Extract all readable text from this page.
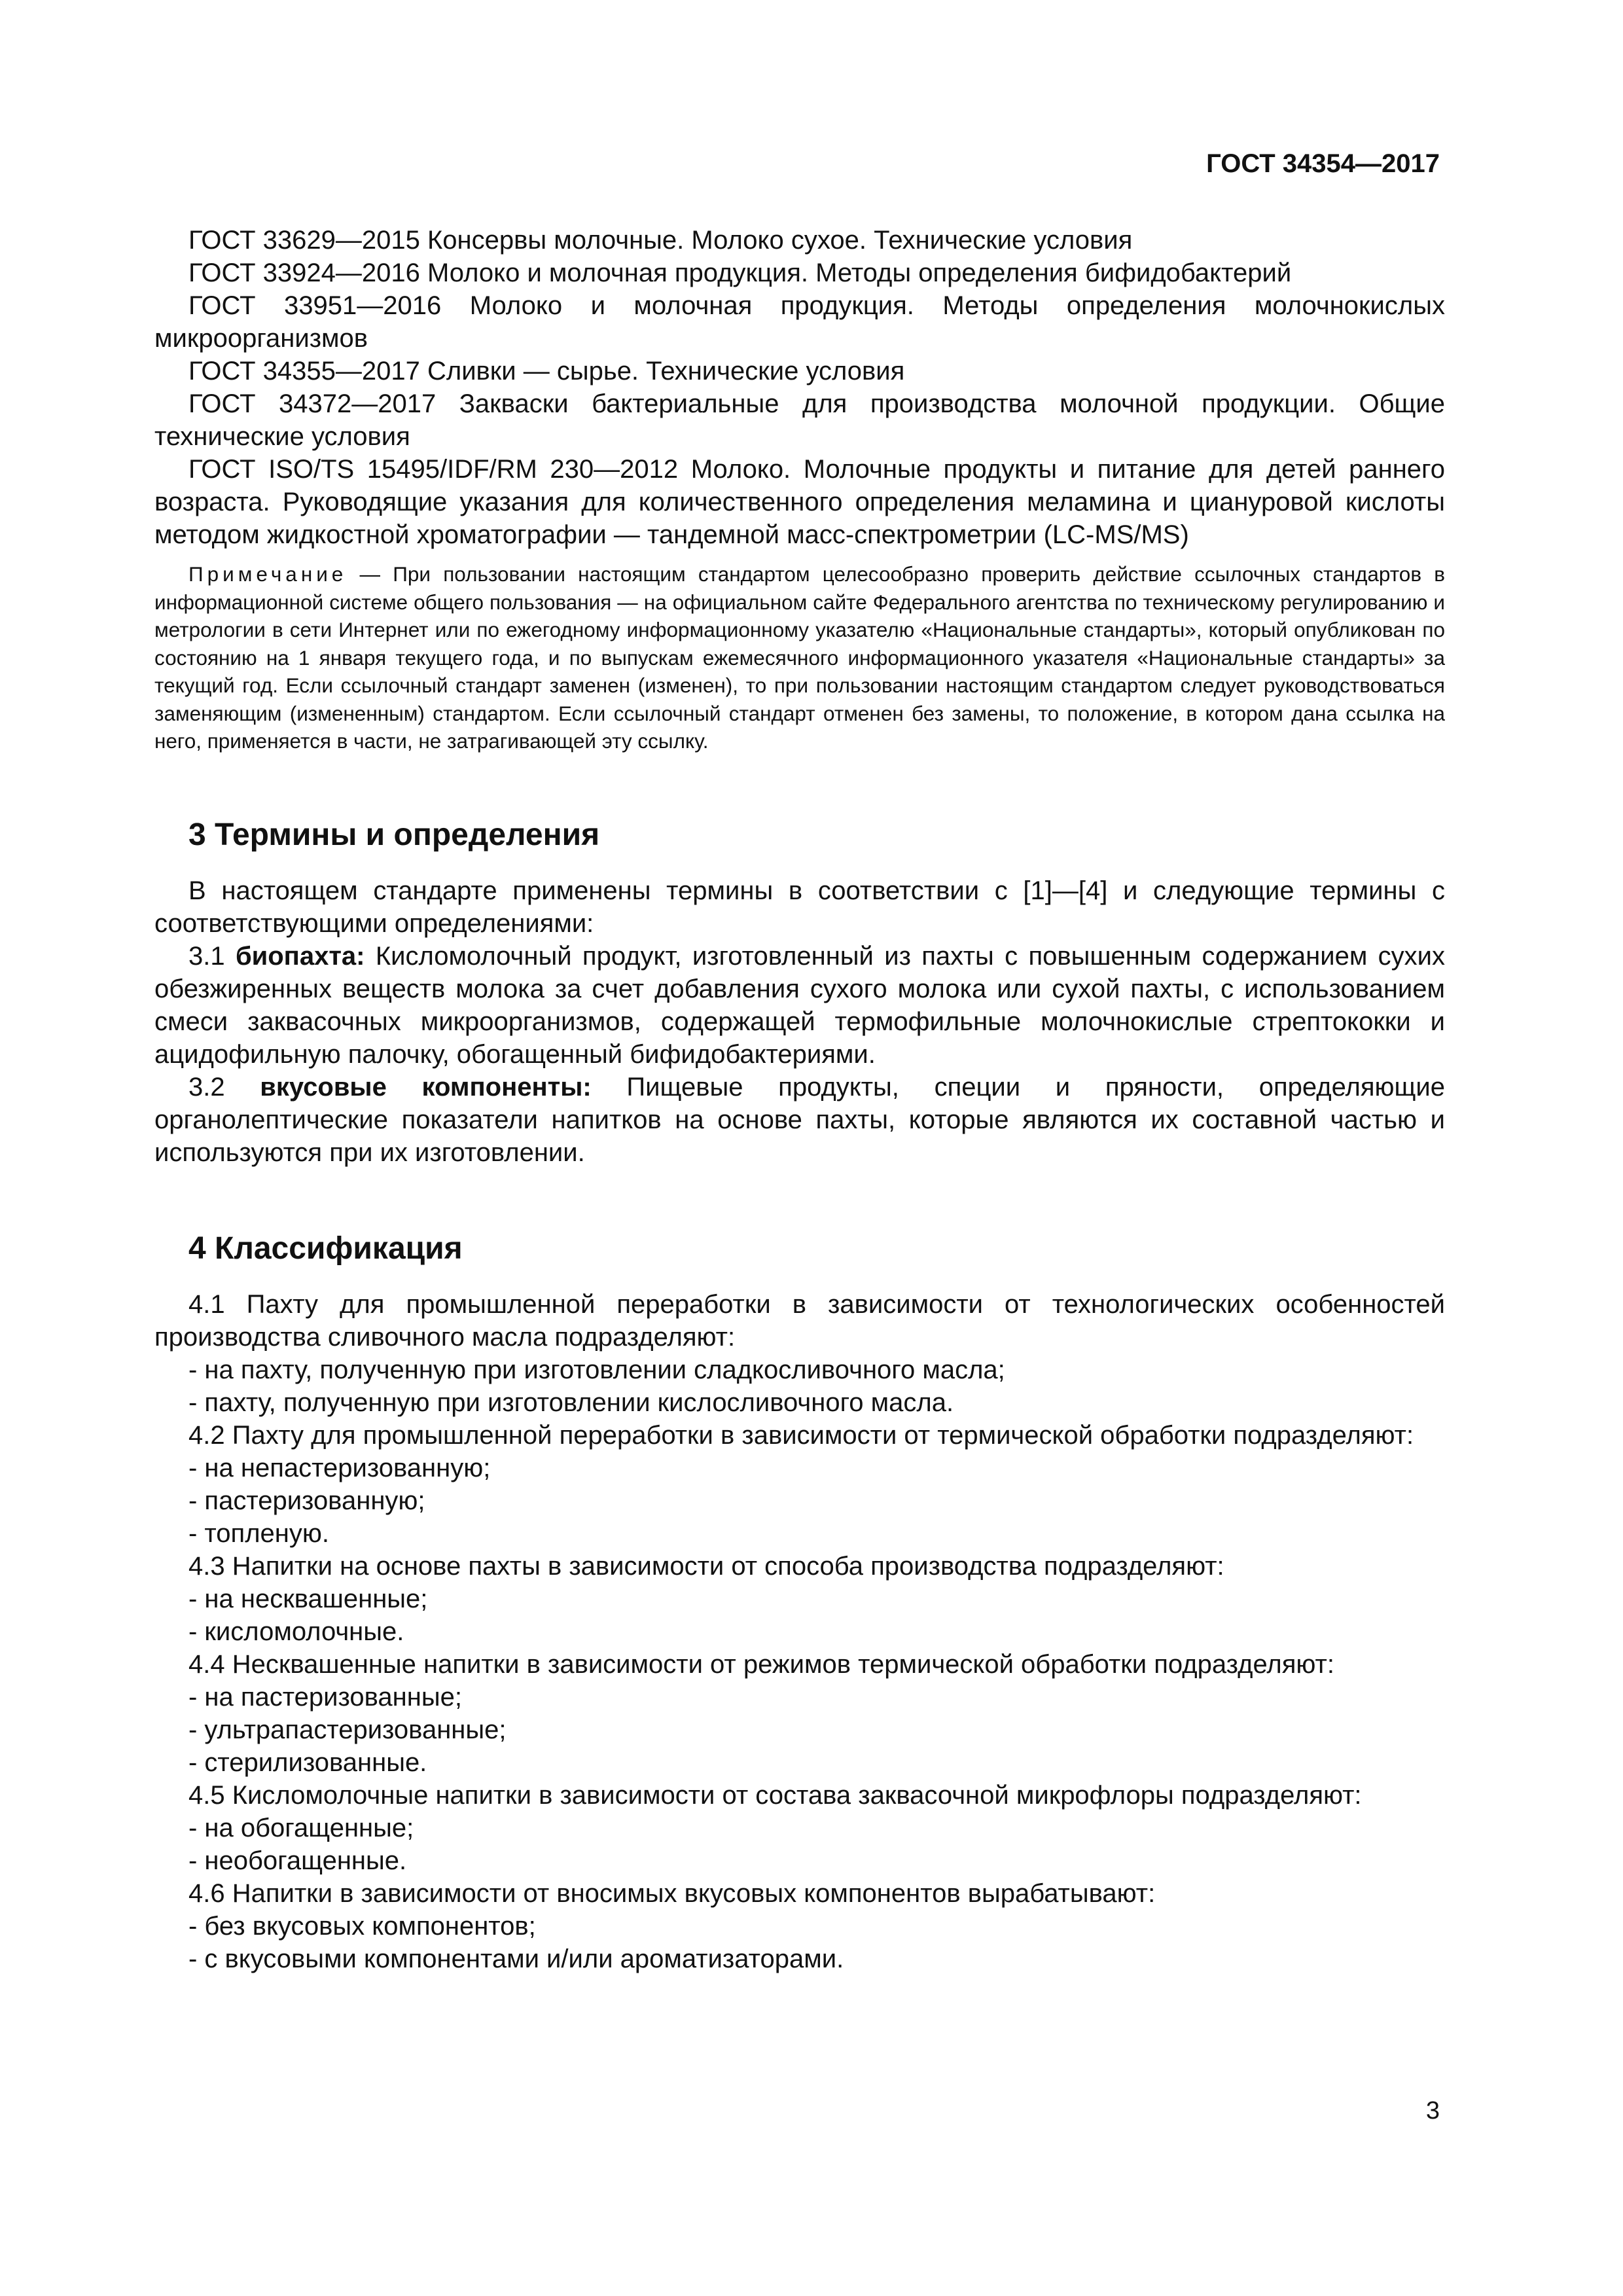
ГОСТ 34354—2017

ГОСТ 33629—2015 Консервы молочные. Молоко сухое. Технические условия

ГОСТ 33924—2016 Молоко и молочная продукция. Методы определения бифидобактерий

ГОСТ 33951—2016 Молоко и молочная продукция. Методы определения молочнокислых микроорганизмов

ГОСТ 34355—2017 Сливки — сырье. Технические условия

ГОСТ 34372—2017 Закваски бактериальные для производства молочной продукции. Общие технические условия

ГОСТ ISO/TS 15495/IDF/RM 230—2012 Молоко. Молочные продукты и питание для детей раннего возраста. Руководящие указания для количественного определения меламина и циануровой кислоты методом жидкостной хроматографии — тандемной масс-спектрометрии (LC-MS/MS)

Примечание — При пользовании настоящим стандартом целесообразно проверить действие ссылочных стандартов в информационной системе общего пользования — на официальном сайте Федерального агентства по техническому регулированию и метрологии в сети Интернет или по ежегодному информационному указателю «Национальные стандарты», который опубликован по состоянию на 1 января текущего года, и по выпускам ежемесячного информационного указателя «Национальные стандарты» за текущий год. Если ссылочный стандарт заменен (изменен), то при пользовании настоящим стандартом следует руководствоваться заменяющим (измененным) стандартом. Если ссылочный стандарт отменен без замены, то положение, в котором дана ссылка на него, применяется в части, не затрагивающей эту ссылку.

3 Термины и определения

В настоящем стандарте применены термины в соответствии с [1]—[4] и следующие термины с соответствующими определениями:

3.1 биопахта: Кисломолочный продукт, изготовленный из пахты с повышенным содержанием сухих обезжиренных веществ молока за счет добавления сухого молока или сухой пахты, с использованием смеси заквасочных микроорганизмов, содержащей термофильные молочнокислые стрептококки и ацидофильную палочку, обогащенный бифидобактериями.

3.2 вкусовые компоненты: Пищевые продукты, специи и пряности, определяющие органолептические показатели напитков на основе пахты, которые являются их составной частью и используются при их изготовлении.

4 Классификация

4.1 Пахту для промышленной переработки в зависимости от технологических особенностей производства сливочного масла подразделяют:

- на пахту, полученную при изготовлении сладкосливочного масла;

- пахту, полученную при изготовлении кислосливочного масла.

4.2 Пахту для промышленной переработки в зависимости от термической обработки подразделяют:

- на непастеризованную;

- пастеризованную;

- топленую.

4.3 Напитки на основе пахты в зависимости от способа производства подразделяют:

- на несквашенные;

- кисломолочные.

4.4 Несквашенные напитки в зависимости от режимов термической обработки подразделяют:

- на пастеризованные;

- ультрапастеризованные;

- стерилизованные.

4.5 Кисломолочные напитки в зависимости от состава заквасочной микрофлоры подразделяют:

- на обогащенные;

- необогащенные.

4.6 Напитки в зависимости от вносимых вкусовых компонентов вырабатывают:

- без вкусовых компонентов;

- с вкусовыми компонентами и/или ароматизаторами.

3
